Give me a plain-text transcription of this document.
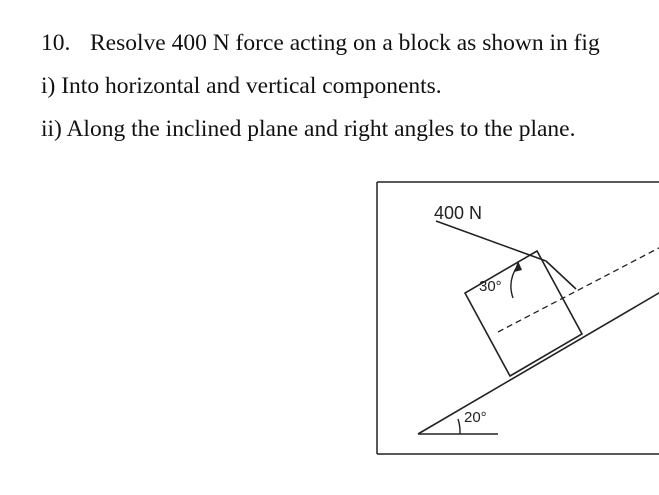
10. Resolve 400 N force acting on a block as shown in fig

i) Into horizontal and vertical components.

ii) Along the inclined plane and right angles to the plane.

400 N
30°
20°
